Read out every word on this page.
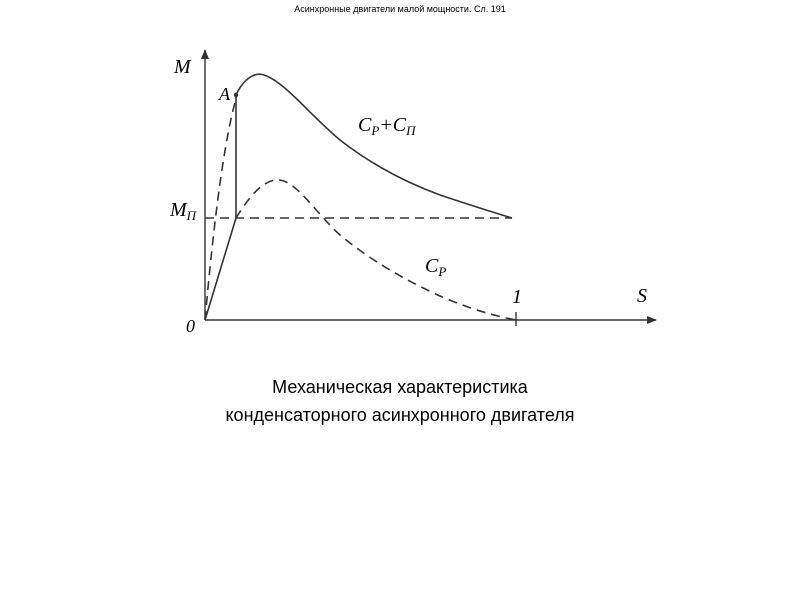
Асинхронные двигатели малой мощности. Сл. 191
M
S
0
A
$M_П$
1
$C_P+C_П$
$C_P$
Механическая характеристика
конденсаторного асинхронного двигателя
